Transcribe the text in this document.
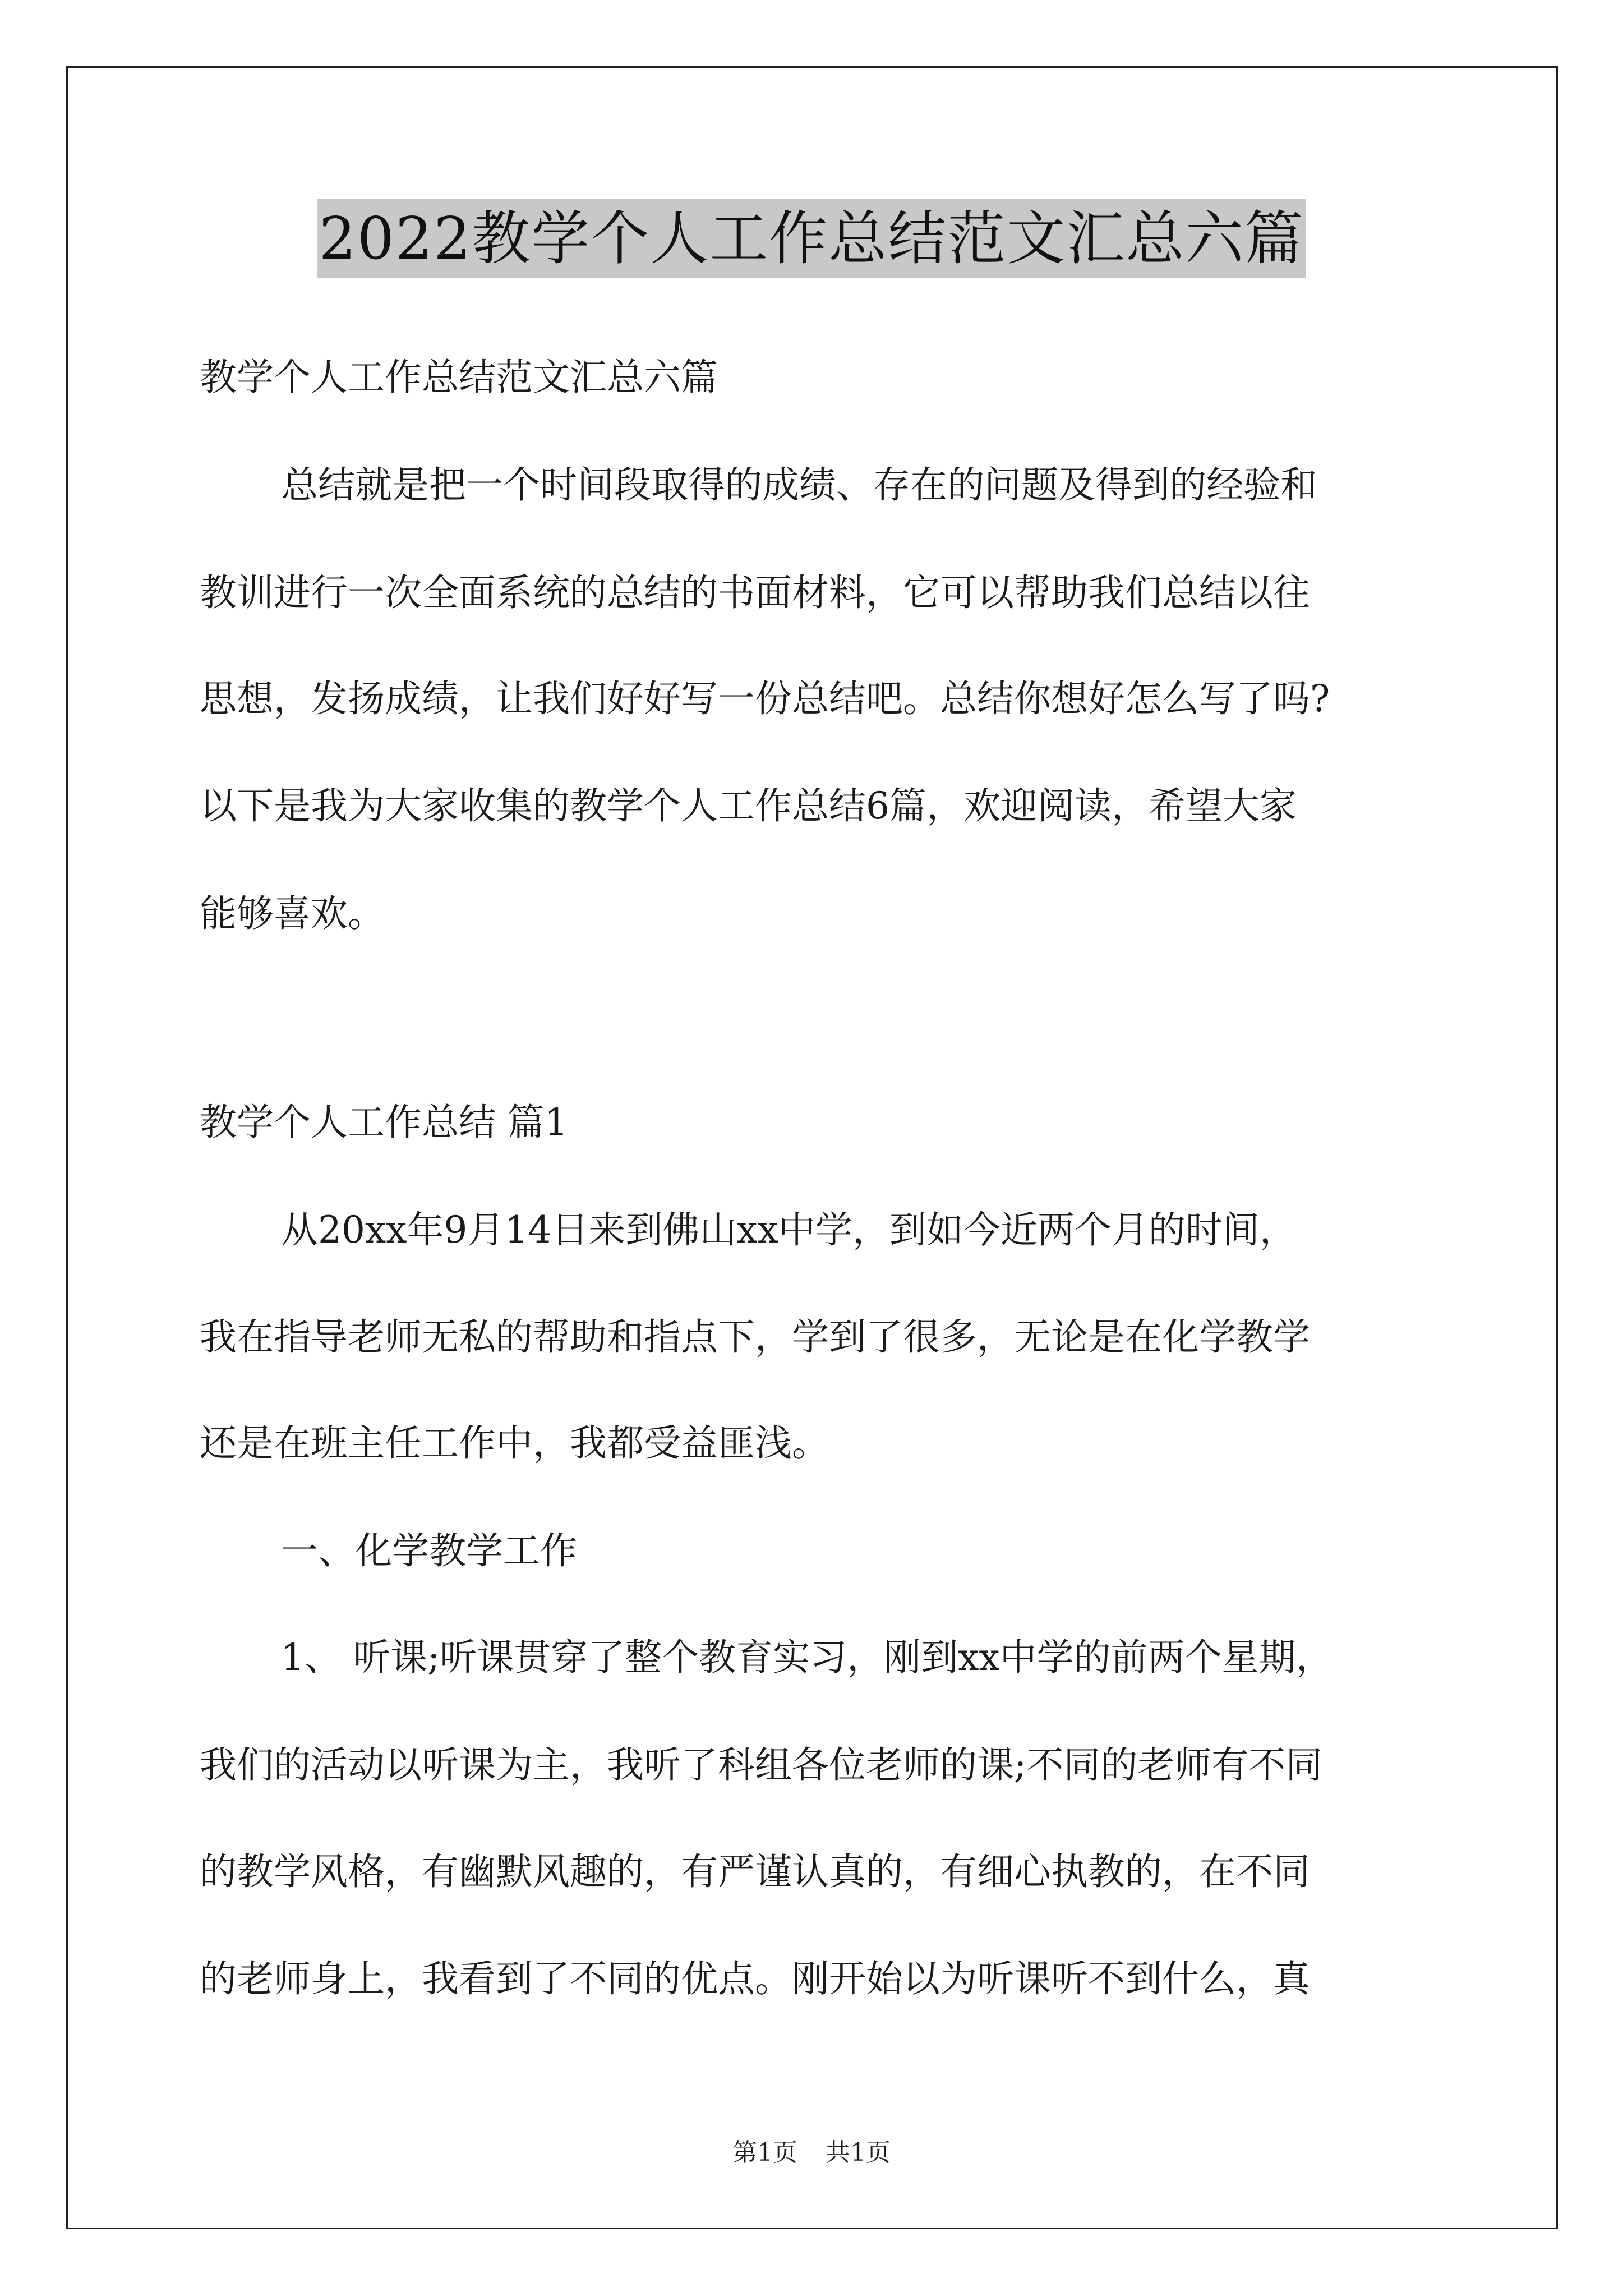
2022教学个人工作总结范文汇总六篇
教学个人工作总结范文汇总六篇
总结就是把一个时间段取得的成绩、存在的问题及得到的经验和
教训进行一次全面系统的总结的书面材料，它可以帮助我们总结以往
思想，发扬成绩，让我们好好写一份总结吧。总结你想好怎么写了吗?
以下是我为大家收集的教学个人工作总结6篇，欢迎阅读，希望大家
能够喜欢。
教学个人工作总结 篇1
从20xx年9月14日来到佛山xx中学，到如今近两个月的时间，
我在指导老师无私的帮助和指点下，学到了很多，无论是在化学教学
还是在班主任工作中，我都受益匪浅。
一、化学教学工作
1、 听课;听课贯穿了整个教育实习，刚到xx中学的前两个星期，
我们的活动以听课为主，我听了科组各位老师的课;不同的老师有不同
的教学风格，有幽默风趣的，有严谨认真的，有细心执教的，在不同
的老师身上，我看到了不同的优点。刚开始以为听课听不到什么，真
第1页 共1页
